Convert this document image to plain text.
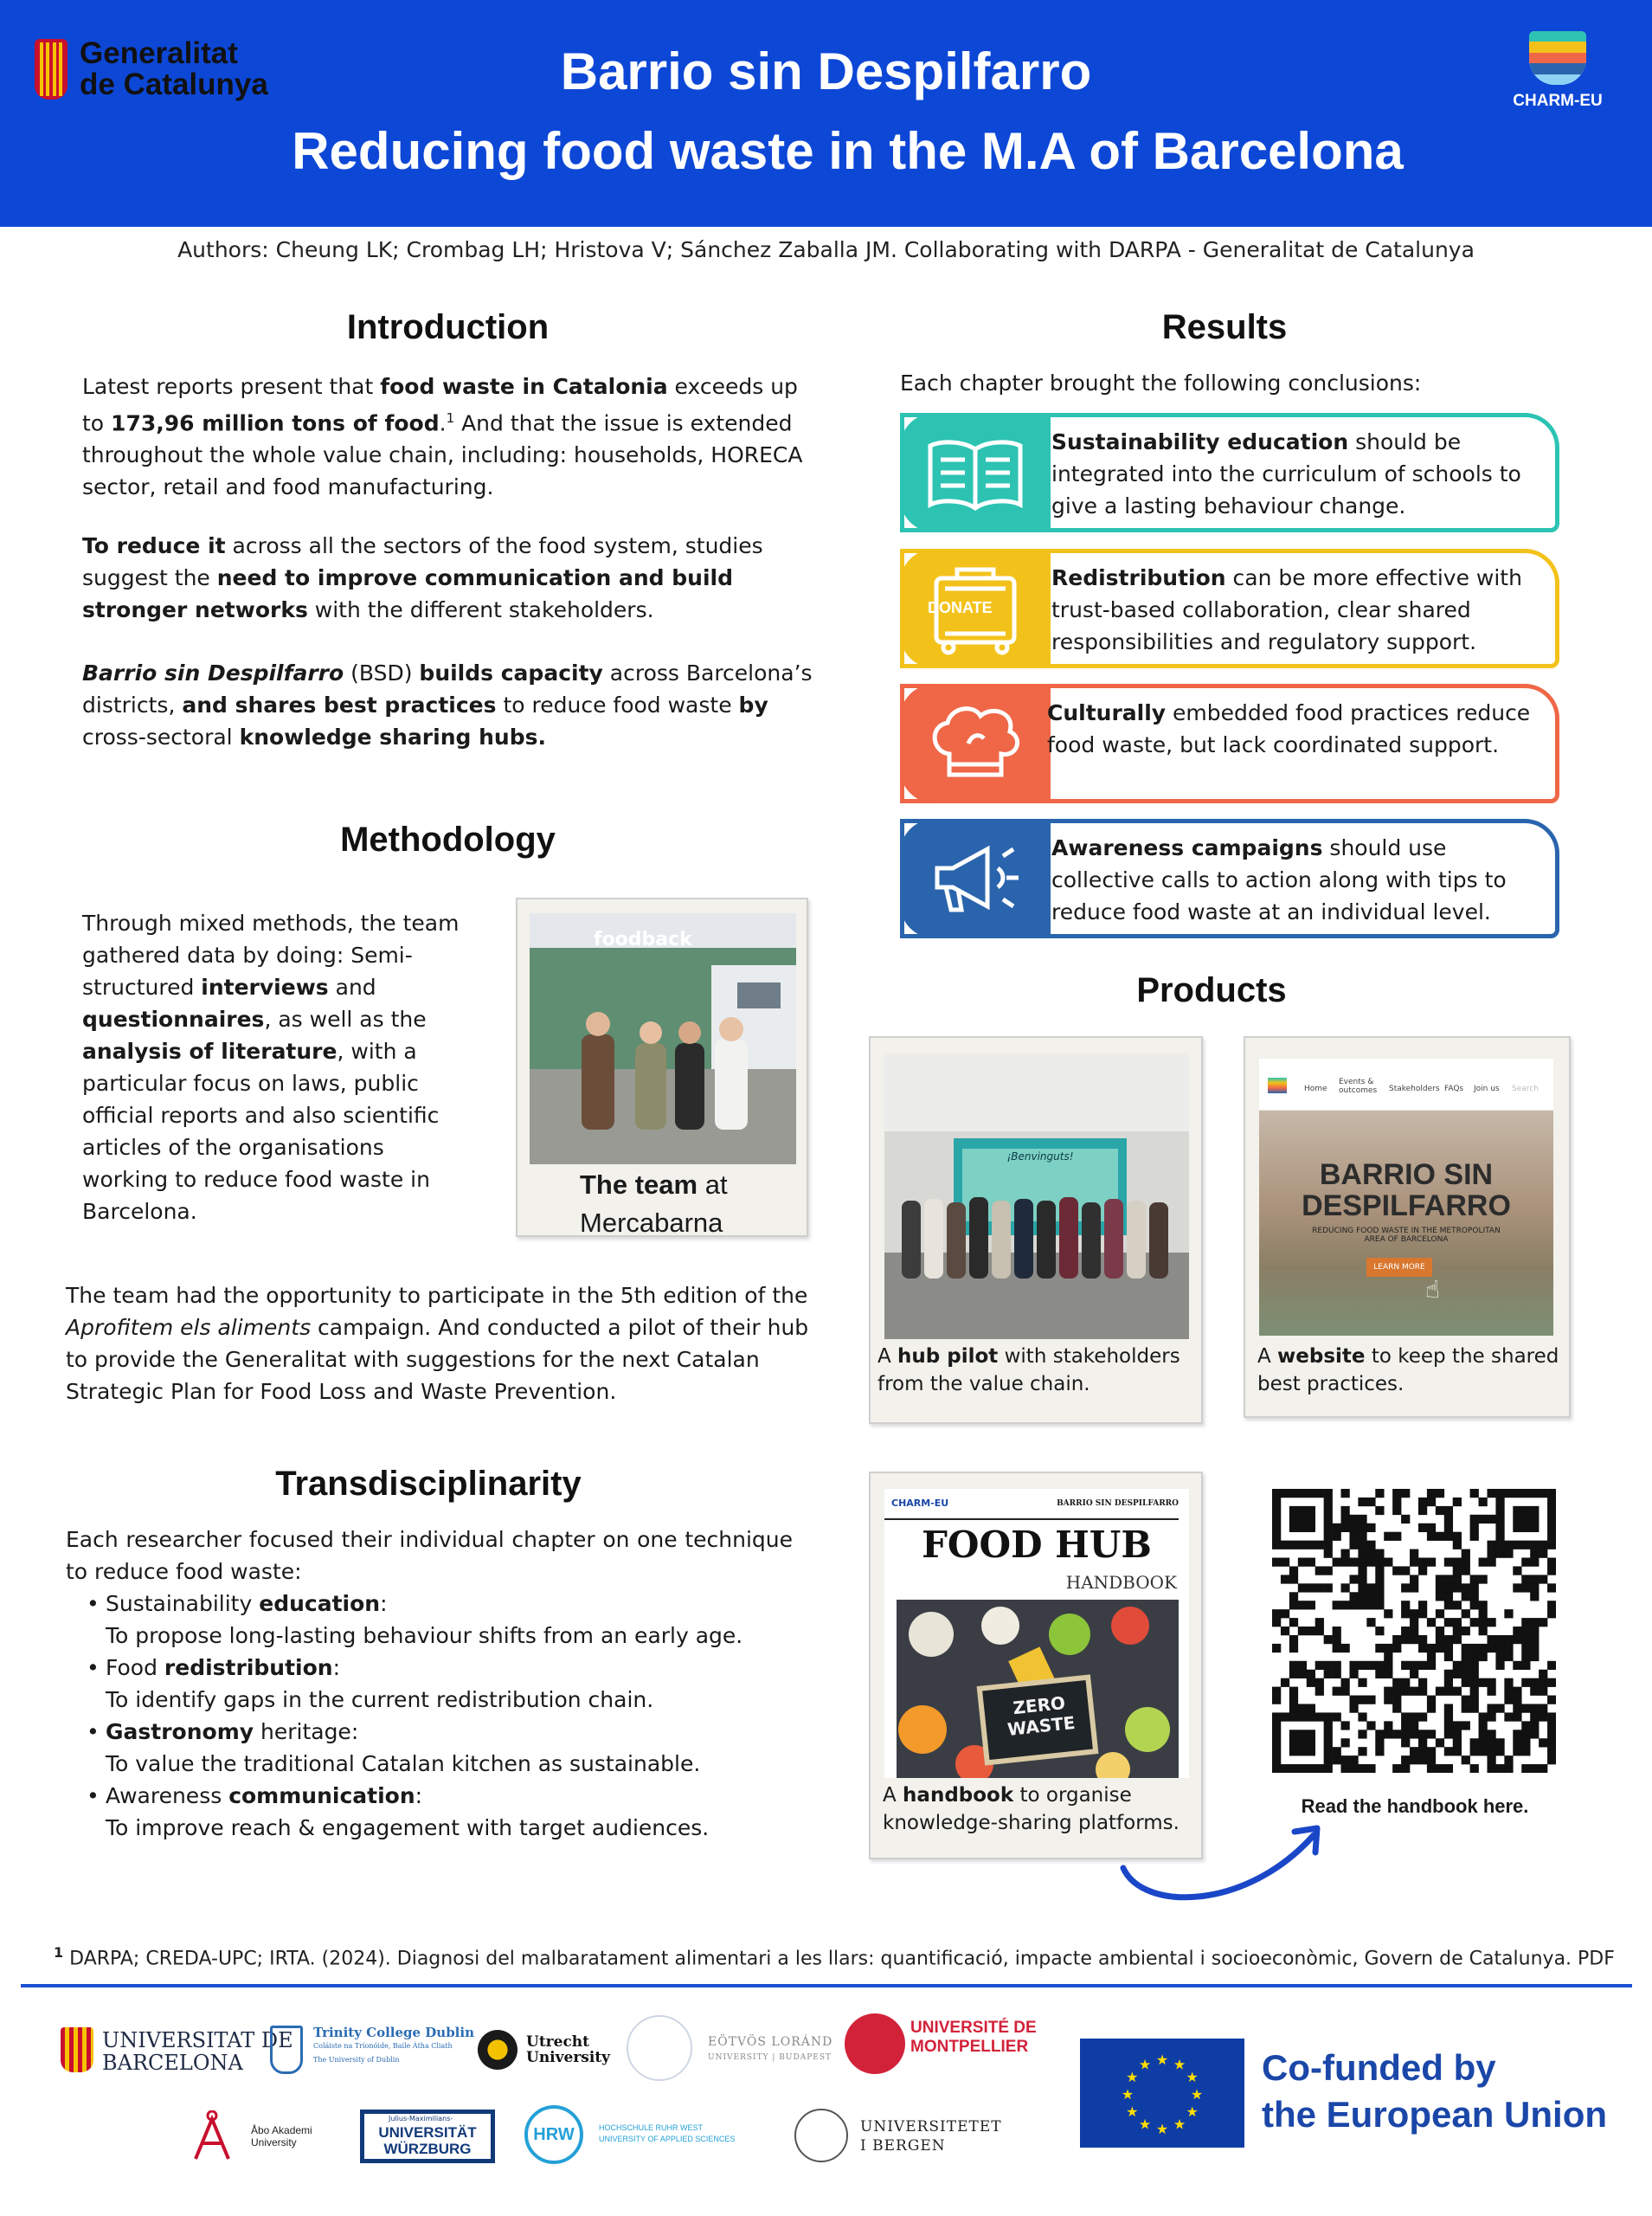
Generalitat
de Catalunya	Barrio sin Despilfarro
Reducing food waste in the M.A of Barcelona
CHARM-EU
Authors: Cheung LK; Crombag LH; Hristova V; Sánchez Zaballa JM. Collaborating with DARPA - Generalitat de Catalunya
Introduction
Latest reports present that food waste in Catalonia exceeds up to 173,96 million tons of food.$^1$ And that the issue is extended throughout the whole value chain, including: households, HORECA sector, retail and food manufacturing.
To reduce it across all the sectors of the food system, studies suggest the need to improve communication and build stronger networks with the different stakeholders.
Barrio sin Despilfarro (BSD) builds capacity across Barcelona’s districts, and shares best practices to reduce food waste by cross-sectoral knowledge sharing hubs.
Methodology
Through mixed methods, the team gathered data by doing: Semi-structured interviews and questionnaires, as well as the analysis of literature, with a particular focus on laws, public official reports and also scientific articles of the organisations working to reduce food waste in Barcelona.
foodback
The team at Mercabarna
The team had the opportunity to participate in the 5th edition of the Aprofitem els aliments campaign. And conducted a pilot of their hub to provide the Generalitat with suggestions for the next Catalan Strategic Plan for Food Loss and Waste Prevention.
Transdisciplinarity
Each researcher focused their individual chapter on one technique to reduce food waste:
• Sustainability education:
To propose long-lasting behaviour shifts from an early age.
• Food redistribution:
To identify gaps in the current redistribution chain.
• Gastronomy heritage:
To value the traditional Catalan kitchen as sustainable.
• Awareness communication:
To improve reach & engagement with target audiences.
Results
Each chapter brought the following conclusions:
Sustainability education should be integrated into the curriculum of schools to give a lasting behaviour change.
DONATE
Redistribution can be more effective with trust-based collaboration, clear shared responsibilities and regulatory support.
Culturally embedded food practices reduce food waste, but lack coordinated support.
Awareness campaigns should use collective calls to action along with tips to reduce food waste at an individual level.
Products
¡Benvinguts!
A hub pilot with stakeholders from the value chain.
Home
Events & outcomes Stakeholders FAQs Join us Search
BARRIO SIN
DESPILFARRO
REDUCING FOOD WASTE IN THE METROPOLITAN AREA OF BARCELONA
LEARN MORE
☝
A website to keep the shared best practices.
CHARM-EU	BARRIO SIN DESPILFARRO
FOOD HUB
HANDBOOK
ZERO
WASTE
A handbook to organise knowledge-sharing platforms.
Read the handbook here.
$^1$ DARPA; CREDA-UPC; IRTA. (2024). Diagnosi del malbaratament alimentari a les llars: quantificació, impacte ambiental i socioeconòmic, Govern de Catalunya. PDF
UNIVERSITAT DE
BARCELONA
Trinity College Dublin
Coláiste na Tríonóide, Baile Átha Cliath
The University of Dublin
Utrecht
University
EÖTVÖS LORÁND
UNIVERSITY | BUDAPEST
UNIVERSITÉ DE
MONTPELLIER
Åbo Akademi
University
Julius-Maximilians-
UNIVERSITÄT
WÜRZBURG
HRW	HOCHSCHULE RUHR WEST
UNIVERSITY OF APPLIED SCIENCES
UNIVERSITETET
I BERGEN
★ ★
★
★
★
★
★
★
★
★
★
★	Co-funded by
the European Union
